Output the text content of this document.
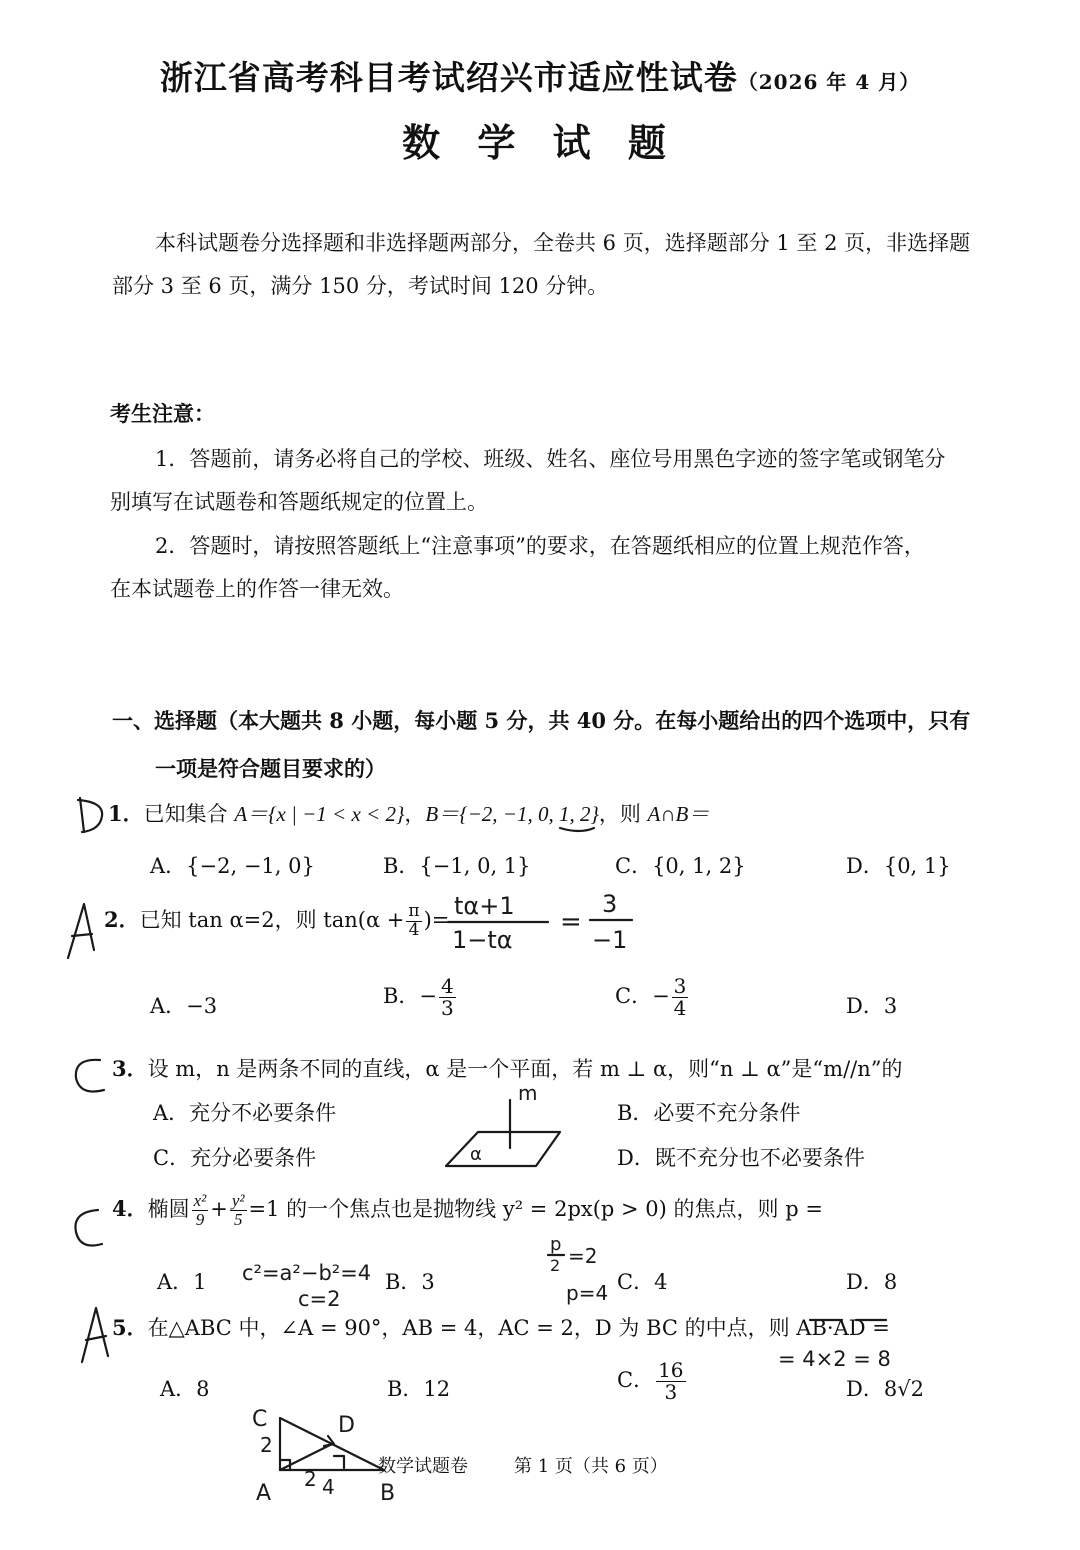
浙江省高考科目考试绍兴市适应性试卷（2026 年 4 月）
数 学 试 题
本科试题卷分选择题和非选择题两部分，全卷共 6 页，选择题部分 1 至 2 页，非选择题
部分 3 至 6 页，满分 150 分，考试时间 120 分钟。
考生注意：
1．答题前，请务必将自己的学校、班级、姓名、座位号用黑色字迹的签字笔或钢笔分
别填写在试题卷和答题纸规定的位置上。
2．答题时，请按照答题纸上“注意事项”的要求，在答题纸相应的位置上规范作答，
在本试题卷上的作答一律无效。
一、选择题（本大题共 8 小题，每小题 5 分，共 40 分。在每小题给出的四个选项中，只有
一项是符合题目要求的）
1．已知集合 A＝{x | −1 < x < 2}，B＝{−2, −1, 0, 1, 2}，则 A∩B＝
A．{−2, −1, 0}	B．{−1, 0, 1}	C．{0, 1, 2}	D．{0, 1}
2．已知 tan α=2，则 $\tan(\alpha + \frac{\pi}{4}$ )=
A．−3	B．− $\frac{4}{3}$	C．− $\frac{3}{4}$	D．3
3．设 m，n 是两条不同的直线，α 是一个平面，若 m ⊥ α，则“n ⊥ α”是“m//n”的
A．充分不必要条件	B．必要不充分条件
C．充分必要条件	D．既不充分也不必要条件
4．椭圆 $\frac{\text{x²}}{9} + \frac{\text{y²}}{5} =1$ 的一个焦点也是抛物线 y² = 2px(p > 0) 的焦点，则 p =
A．1	B．3	C．4	D．8
5．在△ABC 中，∠A = 90°，AB = 4，AC = 2，D 为 BC 的中点，则 AB·AD =
A．8	B．12	C． $\frac{16}{3}$	D．8√2
数学试题卷	第 1 页（共 6 页）
D
tα+1
1−tα
=
3
−1
m
α
c²=a²−b²=4
c=2
p
2 =2
p=4
= 4×2 = 8
C	D
2
A
2 4 B
